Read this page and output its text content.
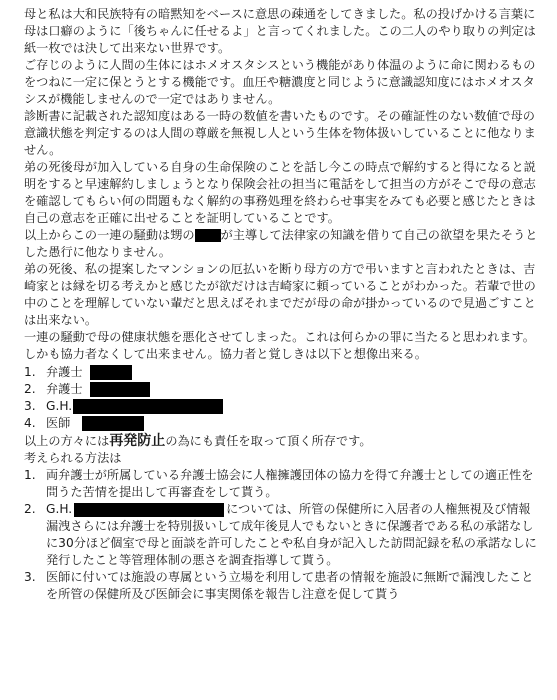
母と私は大和民族特有の暗黙知をベースに意思の疎通をしてきました。私の投げかける言葉に母は口癖のように「後ちゃんに任せるよ」と言ってくれました。この二人のやり取りの判定は紙一枚では決して出来ない世界です。

ご存じのように人間の生体にはホメオスタシスという機能があり体温のように命に関わるものをつねに一定に保とうとする機能です。血圧や糖濃度と同じように意識認知度にはホメオスタシスが機能しませんので一定ではありません。

診断書に記載された認知度はある一時の数値を書いたものです。その確証性のない数値で母の意識状態を判定するのは人間の尊厳を無視し人という生体を物体扱いしていることに他なりません。

弟の死後母が加入している自身の生命保険のことを話し今この時点で解約すると得になると説明をすると早速解約しましょうとなり保険会社の担当に電話をして担当の方がそこで母の意志を確認してもらい何の問題もなく解約の事務処理を終わらせ事実をみても必要と感じたときは自己の意志を正確に出せることを証明していることです。

以上からこの一連の騒動は甥の が主導して法律家の知識を借りて自己の欲望を果たそうとした愚行に他なりません。

弟の死後、私の提案したマンションの厄払いを断り母方の方で弔いますと言われたときは、吉崎家とは縁を切る考えかと感じたが欲だけは吉崎家に頼っていることがわかった。若輩で世の中のことを理解していない輩だと思えばそれまでだが母の命が掛かっているので見過ごすことは出来ない。

一連の騒動で母の健康状態を悪化させてしまった。これは何らかの罪に当たると思われます。しかも協力者なくして出来ません。協力者と覚しきは以下と想像出来る。

1. 弁護士
2. 弁護士
3. G.H.
4. 医師

以上の方々には再発防止の為にも責任を取って頂く所存です。

考えられる方法は

1. 両弁護士が所属している弁護士協会に人権擁護団体の協力を得て弁護士としての適正性を問うた苦情を提出して再審査をして貰う。
2. G.H.	については、所管の保健所に入居者の人権無視及び情報漏洩さらには弁護士を特別扱いして成年後見人でもないときに保護者である私の承諾なしに30分ほど個室で母と面談を許可したことや私自身が記入した訪問記録を私の承諾なしに発行したこと等管理体制の悪さを調査指導して貰う。
3. 医師に付いては施設の専属という立場を利用して患者の情報を施設に無断で漏洩したことを所管の保健所及び医師会に事実関係を報告し注意を促して貰う
